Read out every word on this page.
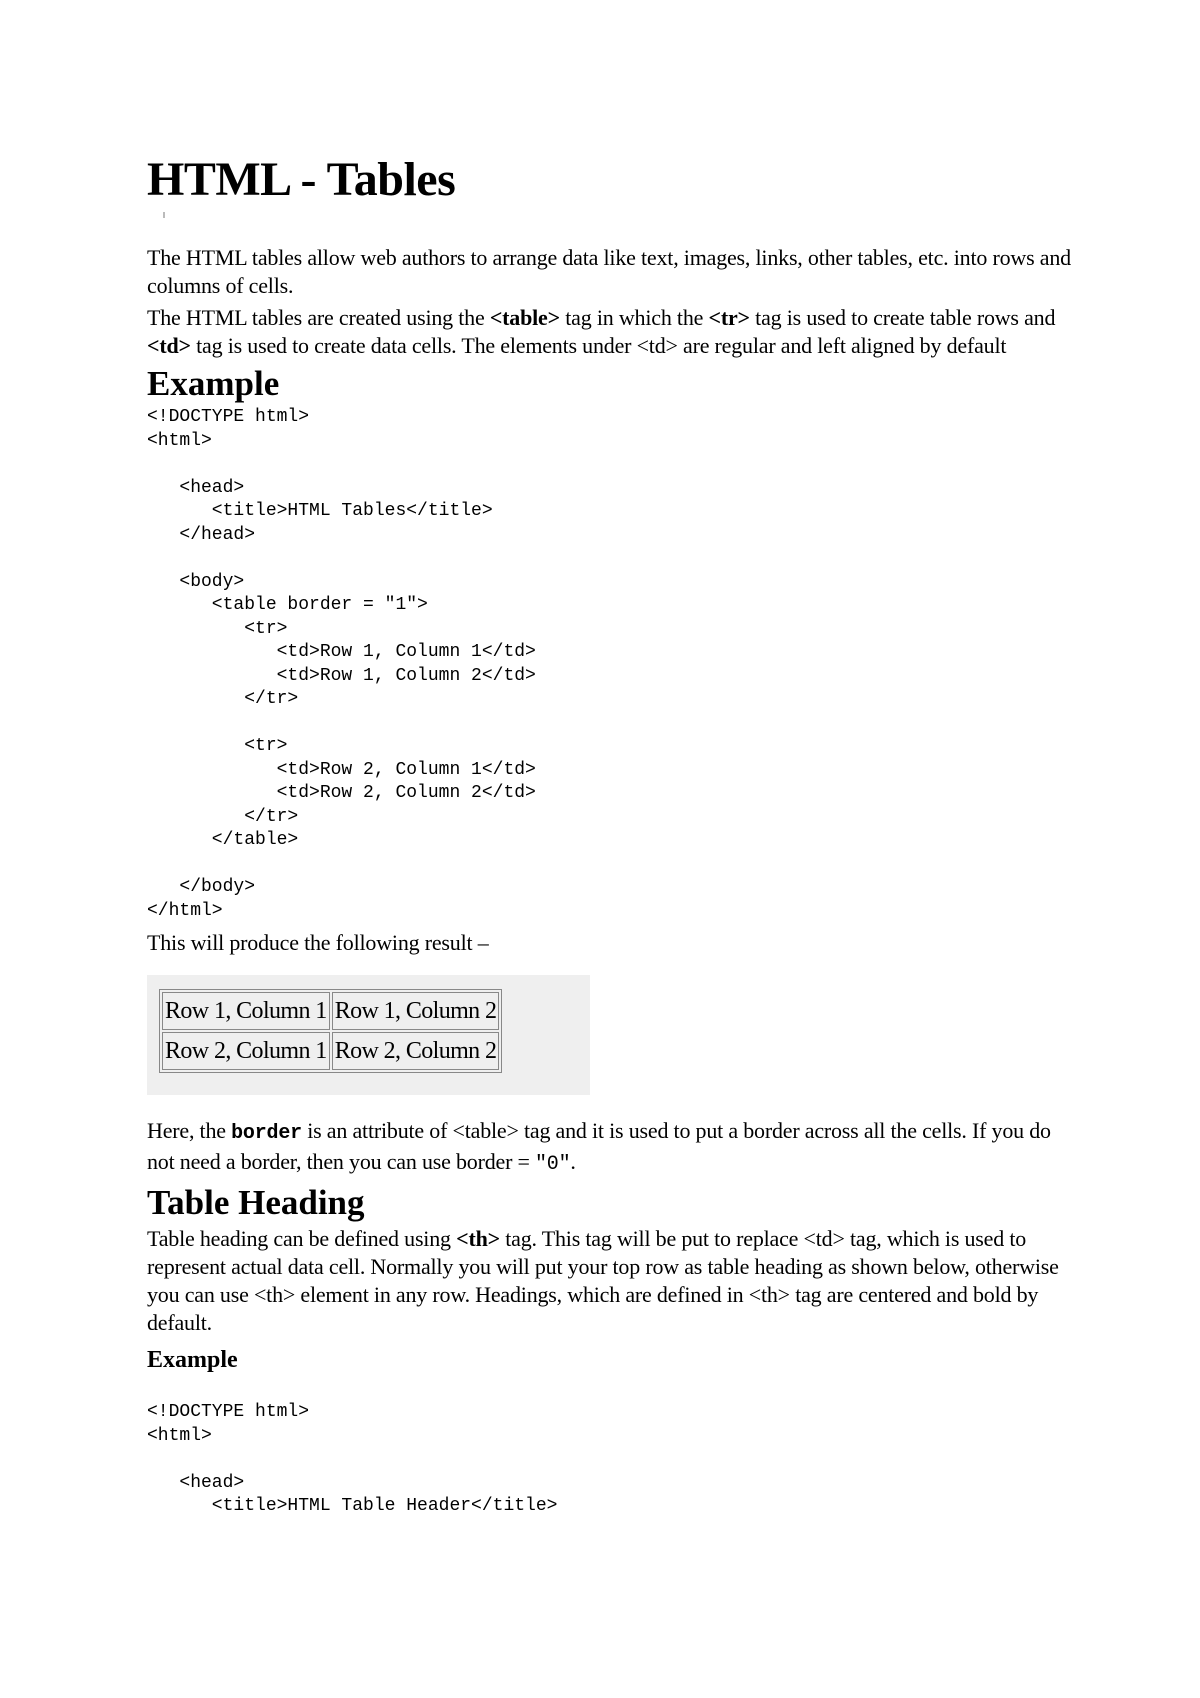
HTML - Tables

The HTML tables allow web authors to arrange data like text, images, links, other tables, etc. into rows and columns of cells.

The HTML tables are created using the <table> tag in which the <tr> tag is used to create table rows and <td> tag is used to create data cells. The elements under <td> are regular and left aligned by default

Example
<!DOCTYPE html>
<html>

<head>
<title>HTML Tables</title>
</head>

<body>
<table border = "1">
<tr>
<td>Row 1, Column 1</td>
<td>Row 1, Column 2</td>
</tr>

<tr>
<td>Row 2, Column 1</td>
<td>Row 2, Column 2</td>
</tr>
</table>

</body>
</html>

This will produce the following result –

Row 1, Column 1	Row 1, Column 2
Row 2, Column 1	Row 2, Column 2

Here, the border is an attribute of <table> tag and it is used to put a border across all the cells. If you do not need a border, then you can use border = "0".

Table Heading

Table heading can be defined using <th> tag. This tag will be put to replace <td> tag, which is used to represent actual data cell. Normally you will put your top row as table heading as shown below, otherwise you can use <th> element in any row. Headings, which are defined in <th> tag are centered and bold by default.

Example
<!DOCTYPE html>
<html>

<head>
<title>HTML Table Header</title>
